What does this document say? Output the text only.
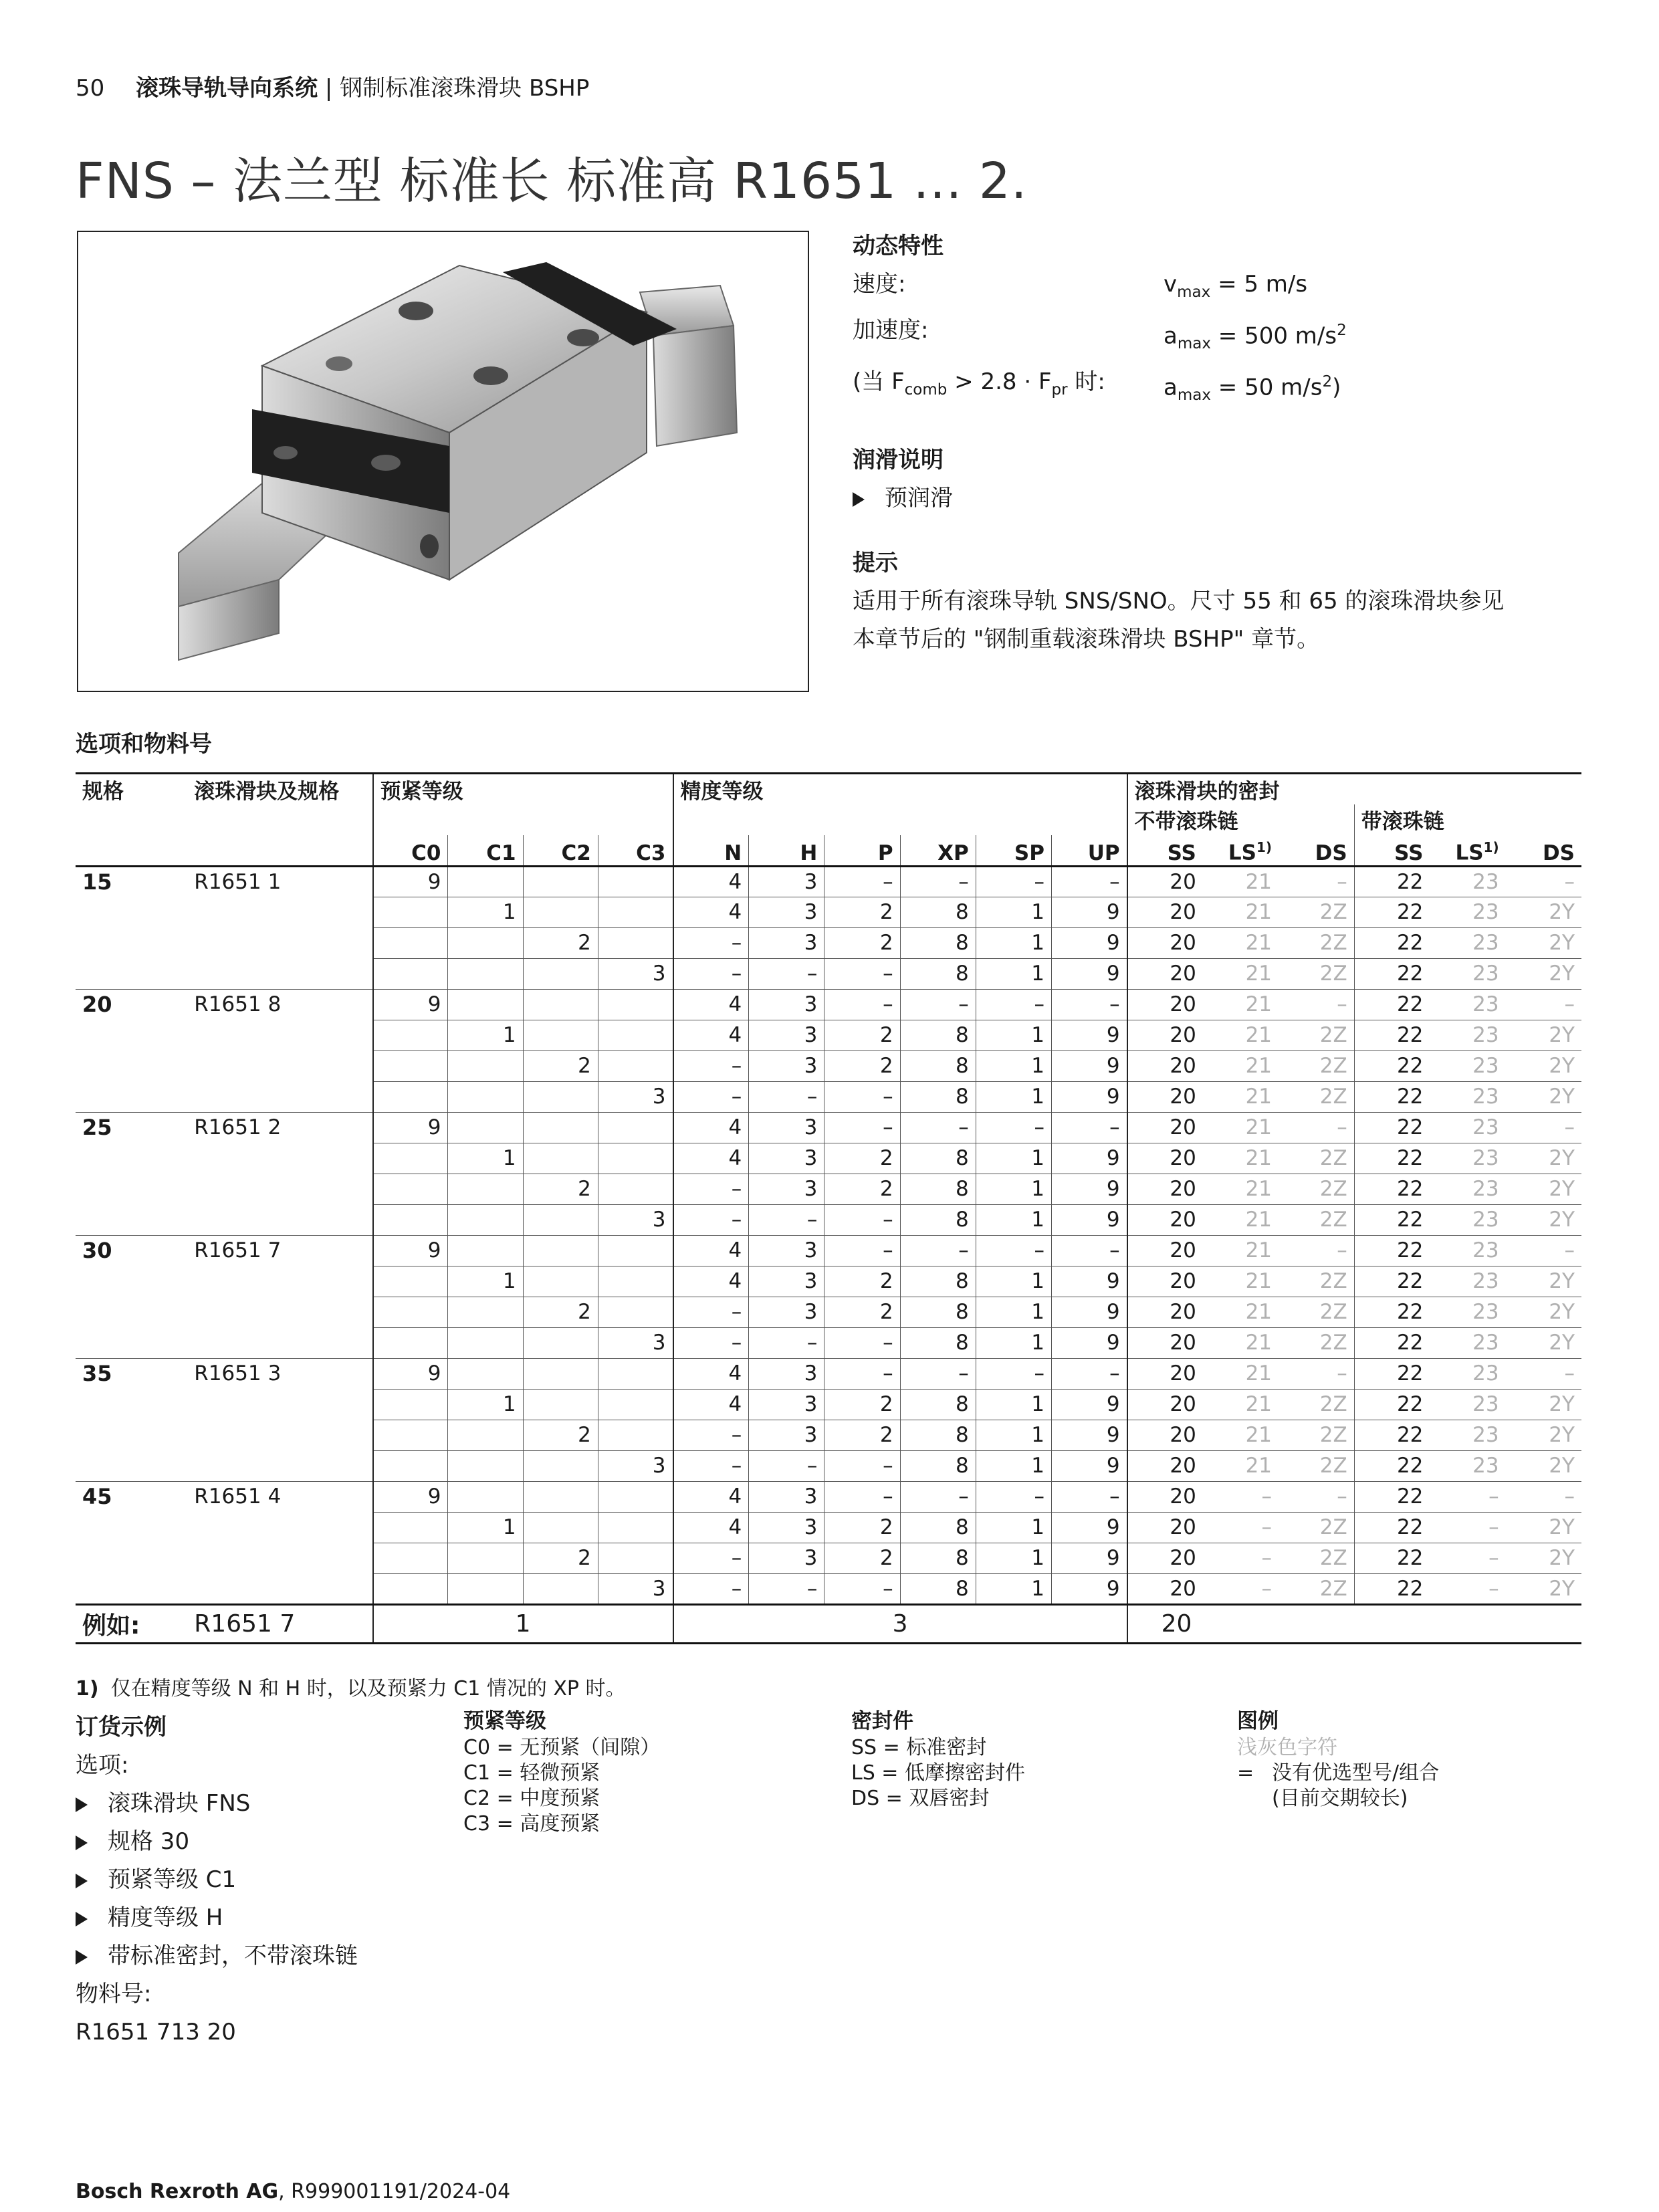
50 滚珠导轨导向系统 | 钢制标准滚珠滑块 BSHP
FNS – 法兰型 标准长 标准高 R1651 ... 2.
动态特性
速度:	$v_{max} = 5$ m/s
加速度:	$a_{max} = 500$ $m/s^2$
(当 $F_{comb} > 2.8 \cdot F_{pr}$ 时:	$a_{max} = 50$ $m/s^2$)
润滑说明
预润滑
提示
适用于所有滚珠导轨 SNS/SNO。尺寸 55 和 65 的滚珠滑块参见
本章节后的 "钢制重载滚珠滑块 BSHP" 章节。
选项和物料号
规格	滚珠滑块及规格	预紧等级				精度等级						滚珠滑块的密封					
												不带滚珠链			带滚珠链		
		C0	C1	C2	C3	N	H	P	XP	SP	UP	SS	LS$^{1)}$	DS	SS	LS$^{1)}$	DS
15	R1651 1	9				4	3	–	–	–	–	20	21	–	22	23	–
			1			4	3	2	8	1	9	20	21	2Z	22	23	2Y
				2		–	3	2	8	1	9	20	21	2Z	22	23	2Y
					3	–	–	–	8	1	9	20	21	2Z	22	23	2Y
20	R1651 8	9				4	3	–	–	–	–	20	21	–	22	23	–
			1			4	3	2	8	1	9	20	21	2Z	22	23	2Y
				2		–	3	2	8	1	9	20	21	2Z	22	23	2Y
					3	–	–	–	8	1	9	20	21	2Z	22	23	2Y
25	R1651 2	9				4	3	–	–	–	–	20	21	–	22	23	–
			1			4	3	2	8	1	9	20	21	2Z	22	23	2Y
				2		–	3	2	8	1	9	20	21	2Z	22	23	2Y
					3	–	–	–	8	1	9	20	21	2Z	22	23	2Y
30	R1651 7	9				4	3	–	–	–	–	20	21	–	22	23	–
			1			4	3	2	8	1	9	20	21	2Z	22	23	2Y
				2		–	3	2	8	1	9	20	21	2Z	22	23	2Y
					3	–	–	–	8	1	9	20	21	2Z	22	23	2Y
35	R1651 3	9				4	3	–	–	–	–	20	21	–	22	23	–
			1			4	3	2	8	1	9	20	21	2Z	22	23	2Y
				2		–	3	2	8	1	9	20	21	2Z	22	23	2Y
					3	–	–	–	8	1	9	20	21	2Z	22	23	2Y
45	R1651 4	9				4	3	–	–	–	–	20	–	–	22	–	–
			1			4	3	2	8	1	9	20	–	2Z	22	–	2Y
				2		–	3	2	8	1	9	20	–	2Z	22	–	2Y
					3	–	–	–	8	1	9	20	–	2Z	22	–	2Y
例如:	R1651 7	1				3						20					
1) 仅在精度等级 N 和 H 时，以及预紧力 C1 情况的 XP 时。
订货示例
选项:
滚珠滑块 FNS
规格 30
预紧等级 C1
精度等级 H
带标准密封，不带滚珠链
物料号:
R1651 713 20
预紧等级
C0 = 无预紧（间隙）
C1 = 轻微预紧
C2 = 中度预紧
C3 = 高度预紧
密封件
SS = 标准密封
LS = 低摩擦密封件
DS = 双唇密封
图例
浅灰色字符
= 没有优选型号/组合
(目前交期较长)
Bosch Rexroth AG, R999001191/2024-04
